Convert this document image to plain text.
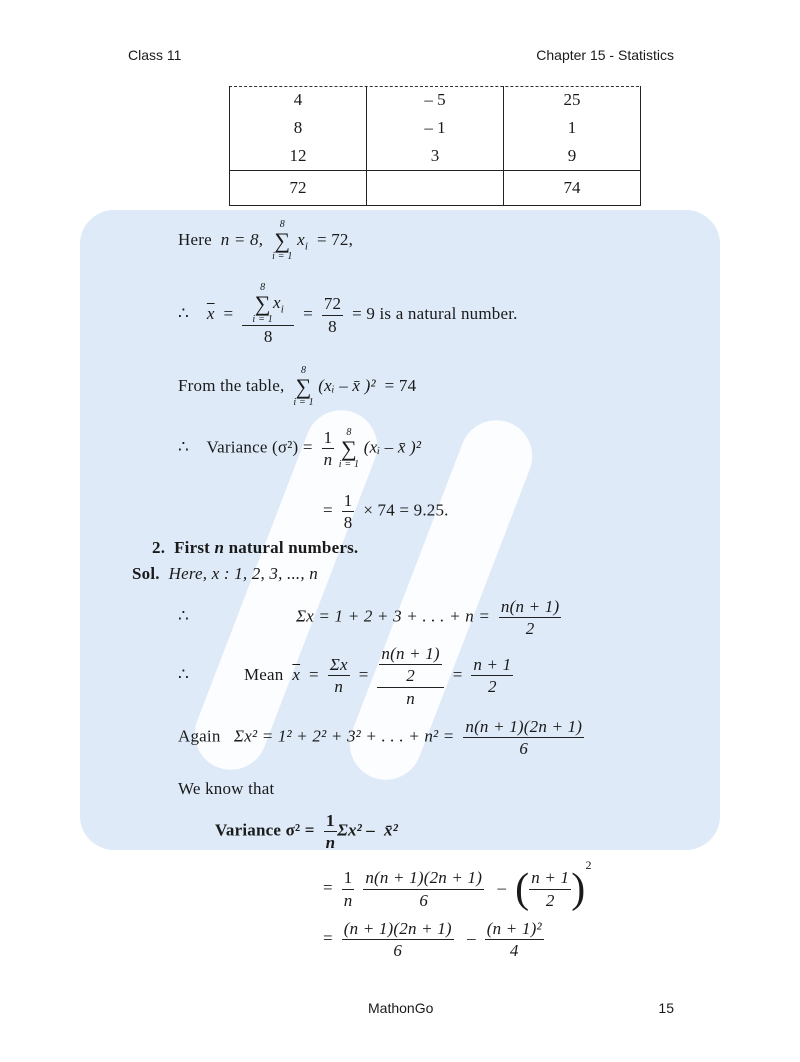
Class 11	Chapter 15 - Statistics
4	– 5	25
8	– 1	1
12	3	9
72		74
Here n = 8,
8
∑
i = 1
$x_i = 72$,
∴ $\overline{x} = 8$
∑
i = 1
$x_i$
$8 = \frac{72}{8} = 9$ is a natural number.
From the table,
8
∑
i = 1
(xᵢ – x̄ )² = 74
∴ Variance $(\sigma^2) = \frac{1}{n}$
	8
∑
i = 1
(xᵢ – x̄ )²
= $\frac{1}{8} \times 74 = 9.25$.
2. First n natural numbers.
Sol. Here, x : 1, 2, 3, ..., n
∴	Σx = 1 + 2 + 3 + . . . + $n = \frac{n(n + 1)}{2}$
∴	Mean $\overline{x} = \frac{\Sigma x}{n} = \frac{\frac{n(n + 1)}{2}}{n} = \frac{n + 1}{2}$
Again Σx² = 1² + 2² + 3² + . . . + $n^2 = \frac{n(n + 1)(2n + 1)}{6}$
We know that
Variance $\sigma^2 = \frac{1}{n} \Sigma x^2$ – x̄²
= $\frac{1}{n}$
$\frac{n(n + 1)(2n + 1)}{6}$ – ( $\frac{n + 1}{2} )^2$
= $\frac{(n + 1)(2n + 1)}{6} - \frac{\text{(n + 1)²}}{4}$
MathonGo	15
